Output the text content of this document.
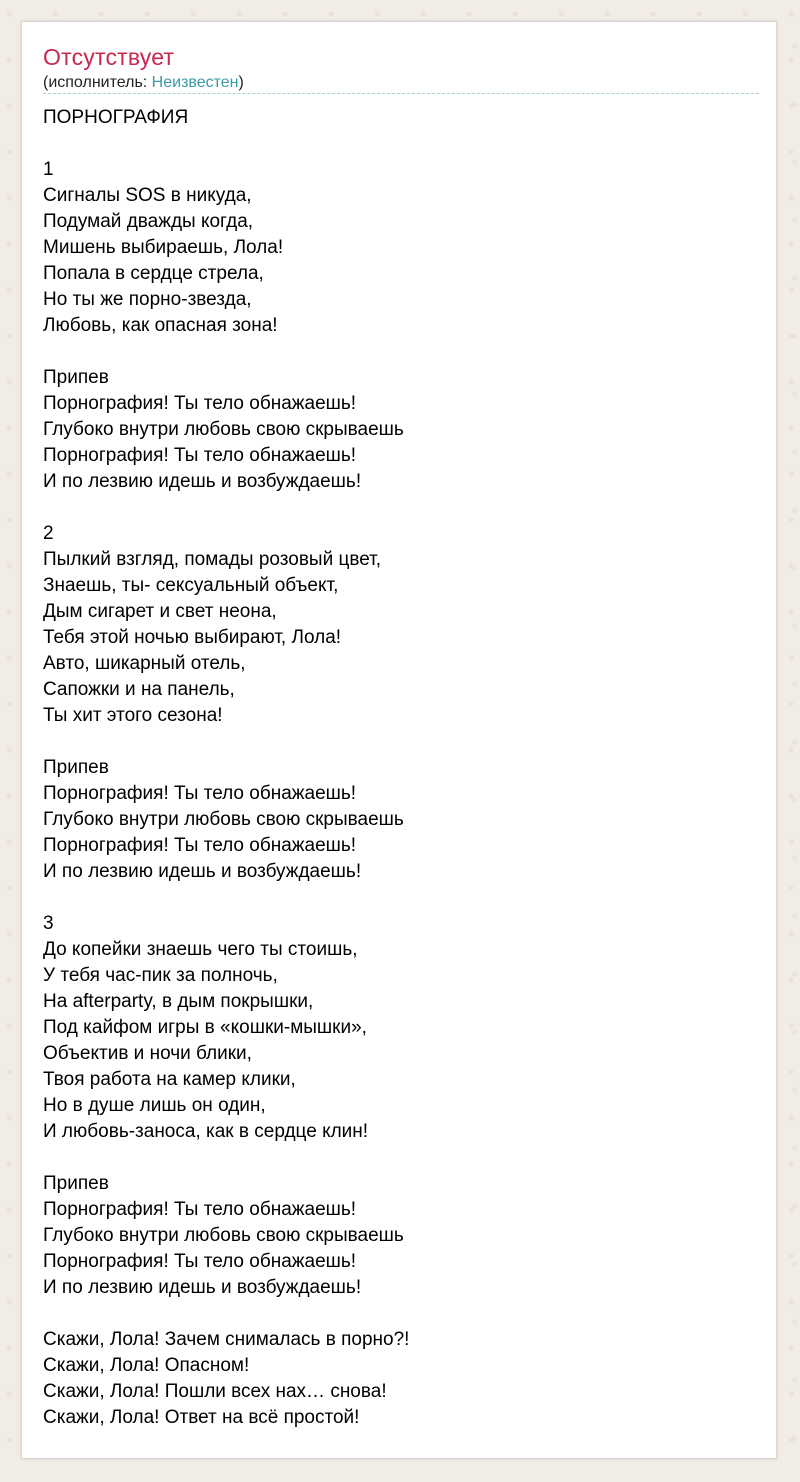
Отсутствует
(исполнитель: Неизвестен)
ПОРНОГРАФИЯ
1
Сигналы SOS в никуда,
Подумай дважды когда,
Мишень выбираешь, Лола!
Попала в сердце стрела,
Но ты же порно-звезда,
Любовь, как опасная зона!
Припев
Порнография! Ты тело обнажаешь!
Глубоко внутри любовь свою скрываешь
Порнография! Ты тело обнажаешь!
И по лезвию идешь и возбуждаешь!
2
Пылкий взгляд, помады розовый цвет,
Знаешь, ты- сексуальный объект,
Дым сигарет и свет неона,
Тебя этой ночью выбирают, Лола!
Авто, шикарный отель,
Сапожки и на панель,
Ты хит этого сезона!
Припев
Порнография! Ты тело обнажаешь!
Глубоко внутри любовь свою скрываешь
Порнография! Ты тело обнажаешь!
И по лезвию идешь и возбуждаешь!
3
До копейки знаешь чего ты стоишь,
У тебя час-пик за полночь,
На afterparty, в дым покрышки,
Под кайфом игры в «кошки-мышки»,
Объектив и ночи блики,
Твоя работа на камер клики,
Но в душе лишь он один,
И любовь-заноса, как в сердце клин!
Припев
Порнография! Ты тело обнажаешь!
Глубоко внутри любовь свою скрываешь
Порнография! Ты тело обнажаешь!
И по лезвию идешь и возбуждаешь!
Скажи, Лола! Зачем снималась в порно?!
Скажи, Лола! Опасном!
Скажи, Лола! Пошли всех нах… снова!
Скажи, Лола! Ответ на всё простой!
